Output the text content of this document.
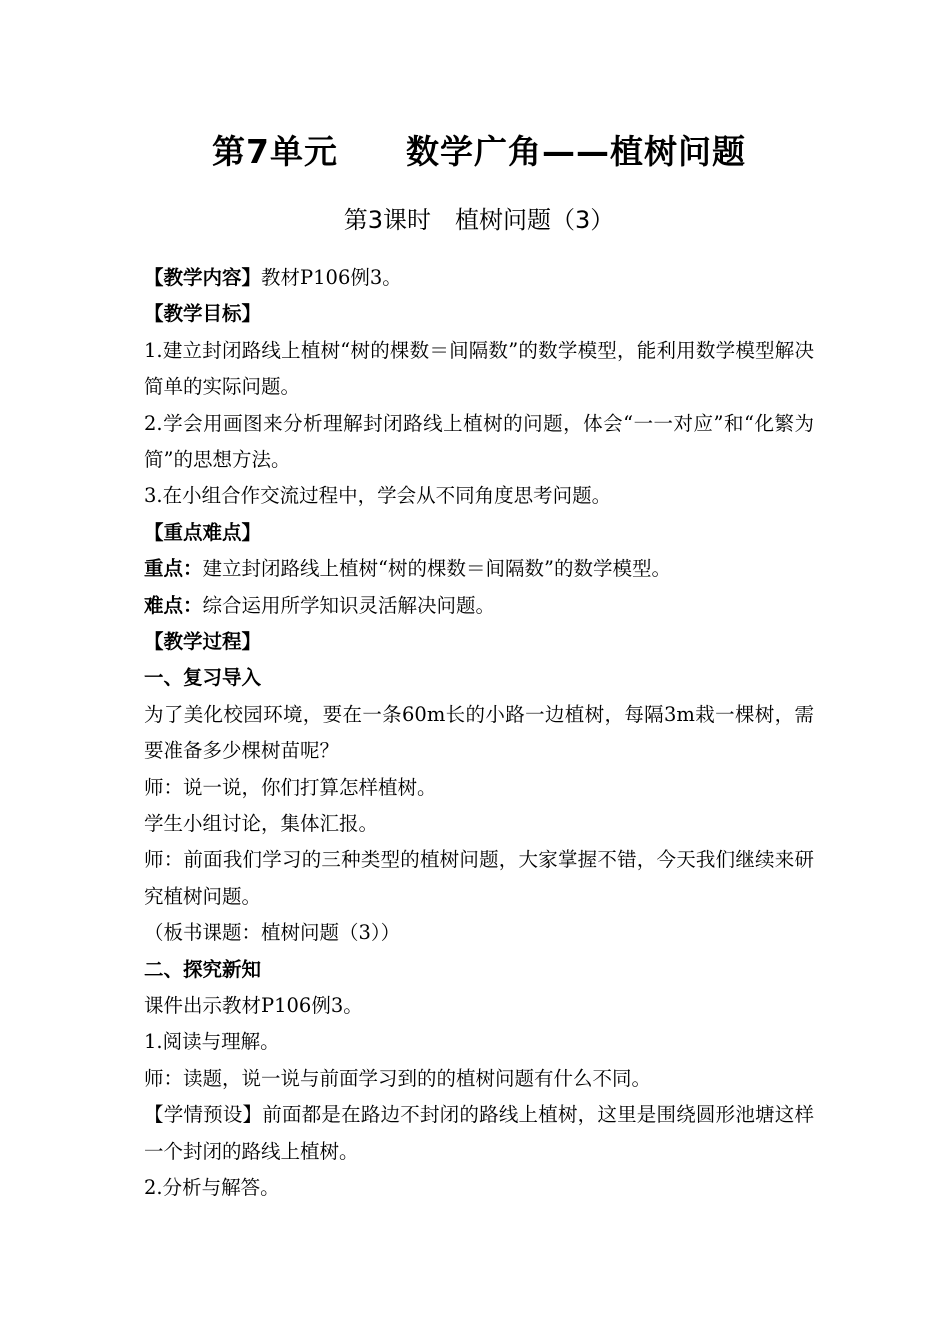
第7单元　　数学广角——植树问题
第3课时　植树问题（3）

【教学内容】教材P106例3。

【教学目标】

1.建立封闭路线上植树“树的棵数＝间隔数”的数学模型，能利用数学模型解决简单的实际问题。

2.学会用画图来分析理解封闭路线上植树的问题，体会“一一对应”和“化繁为简”的思想方法。

3.在小组合作交流过程中，学会从不同角度思考问题。

【重点难点】

重点：建立封闭路线上植树“树的棵数＝间隔数”的数学模型。

难点：综合运用所学知识灵活解决问题。

【教学过程】

一、复习导入

为了美化校园环境，要在一条60m长的小路一边植树，每隔3m栽一棵树，需要准备多少棵树苗呢？

师：说一说，你们打算怎样植树。

学生小组讨论，集体汇报。

师：前面我们学习的三种类型的植树问题，大家掌握不错，今天我们继续来研究植树问题。

（板书课题：植树问题（3））

二、探究新知

课件出示教材P106例3。

1.阅读与理解。

师：读题，说一说与前面学习到的的植树问题有什么不同。

【学情预设】前面都是在路边不封闭的路线上植树，这里是围绕圆形池塘这样一个封闭的路线上植树。

2.分析与解答。
